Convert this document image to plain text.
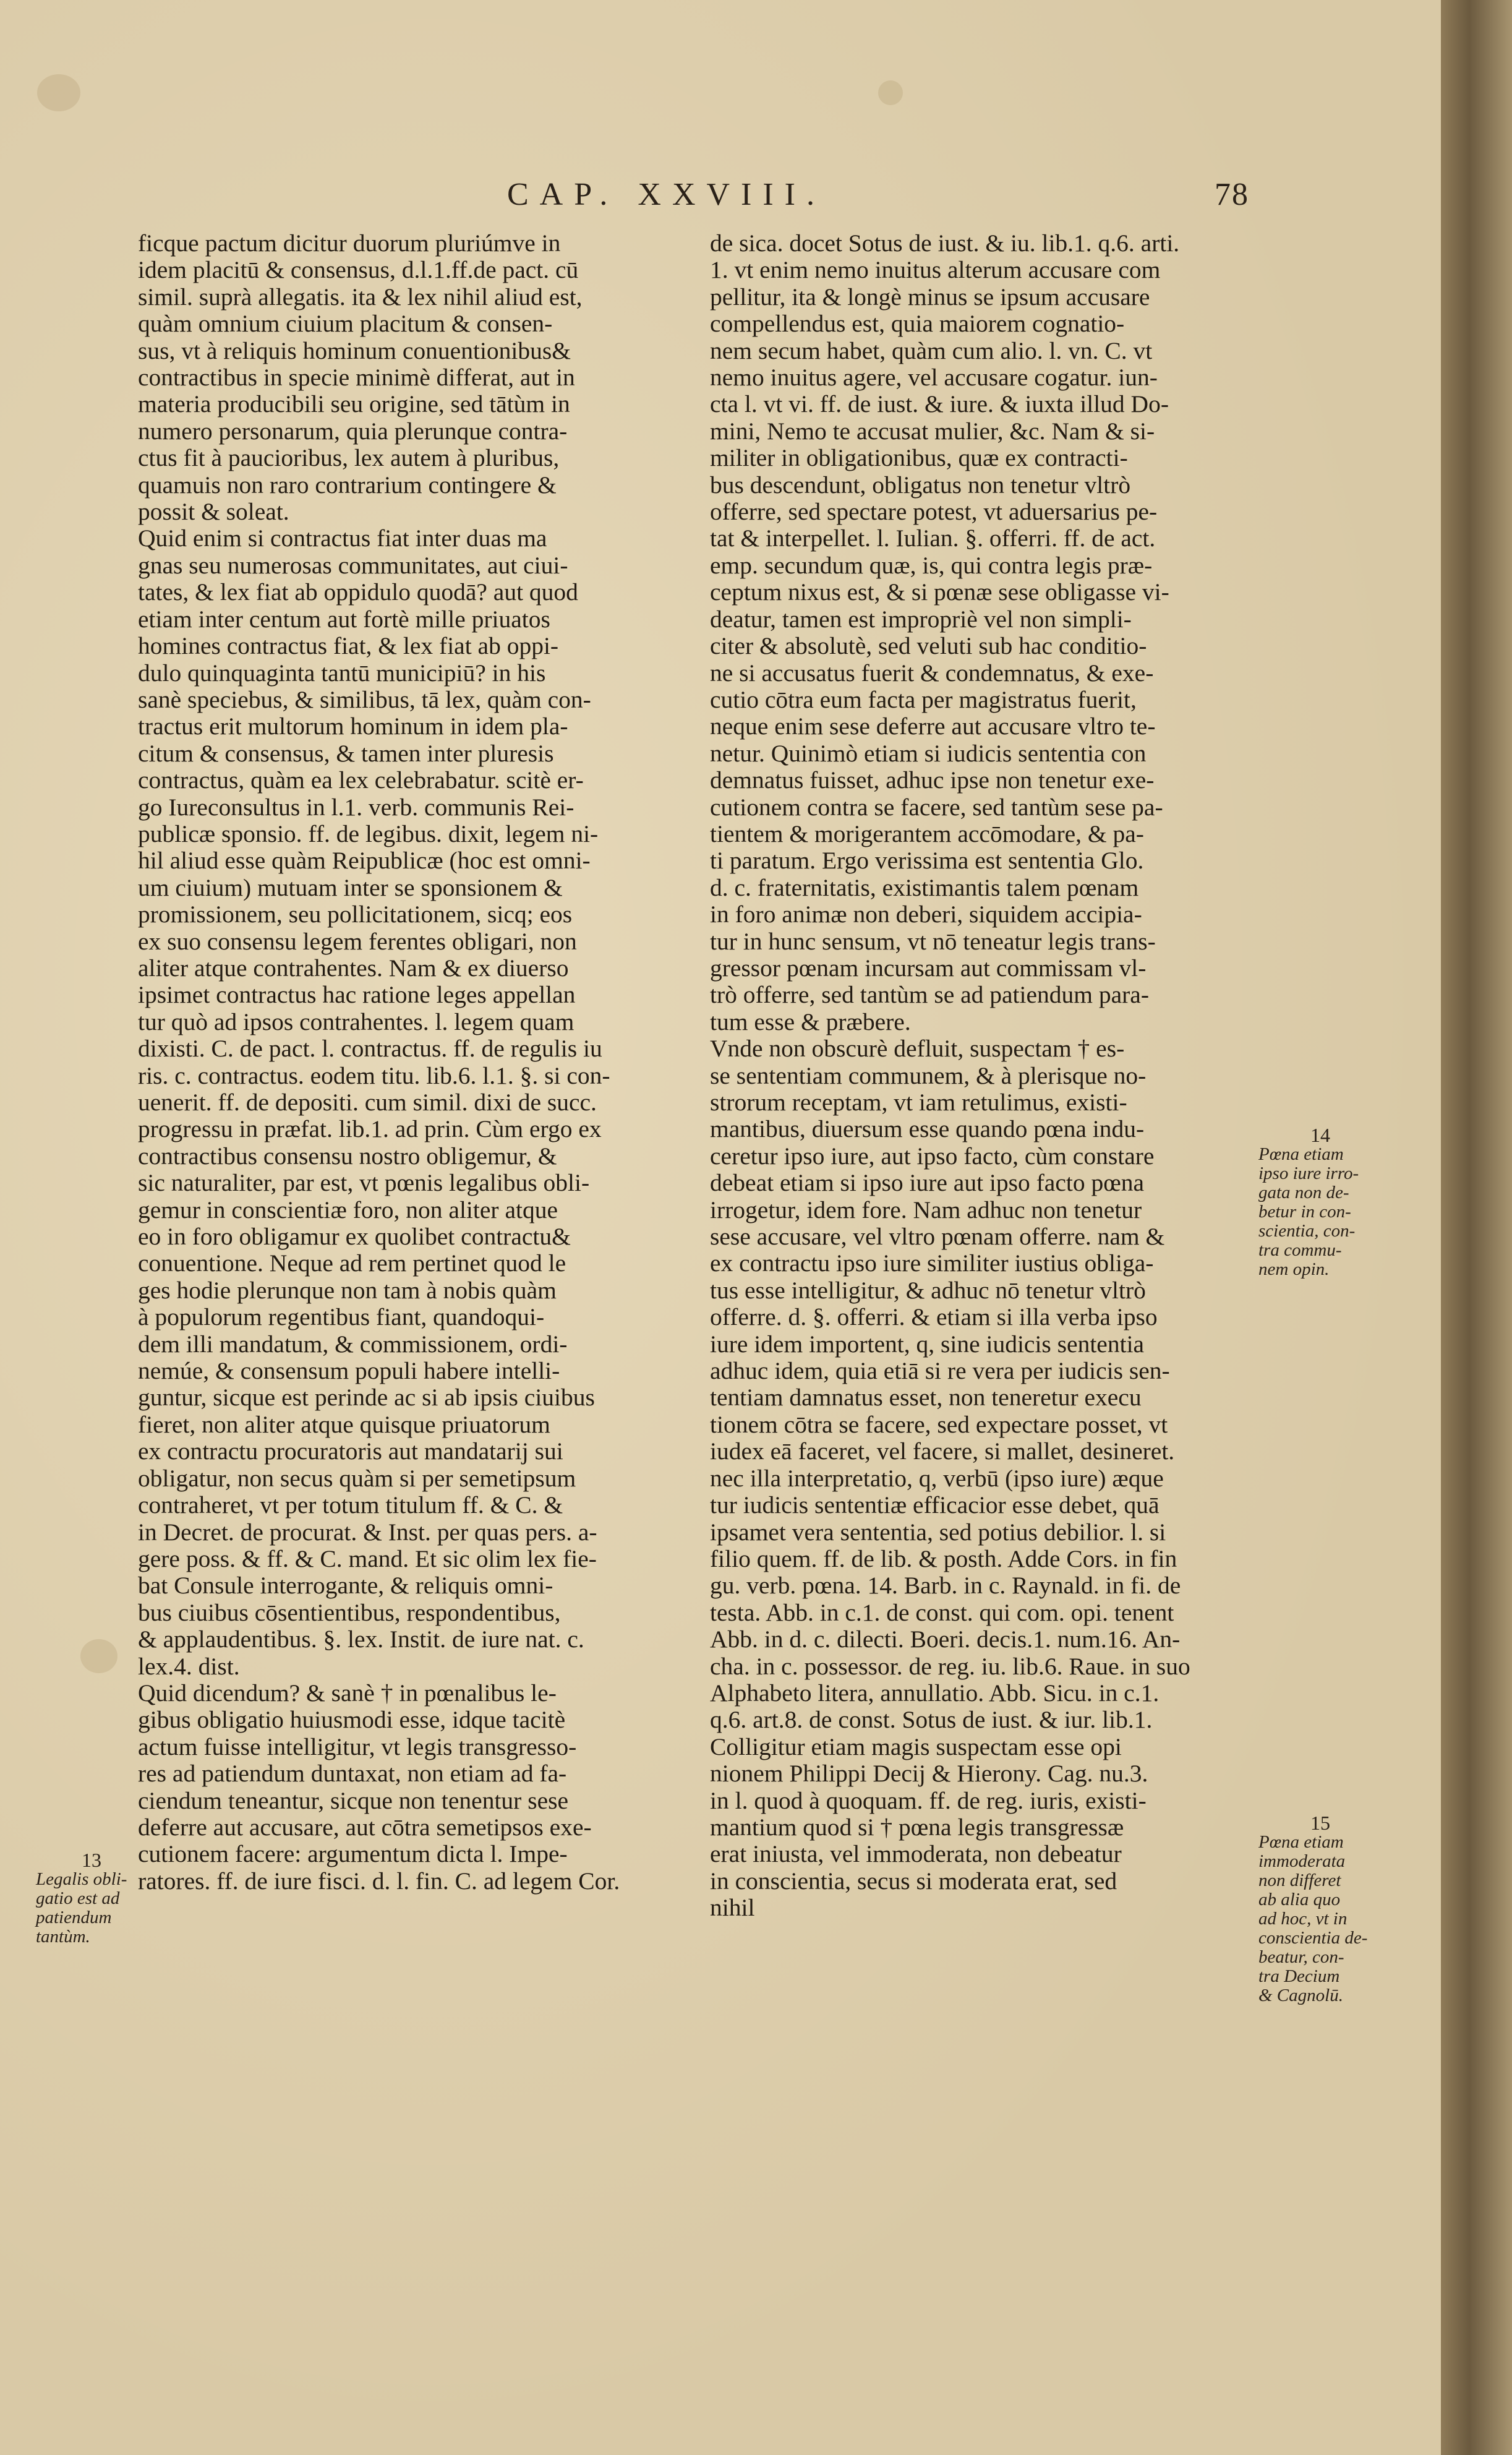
CAP. XXVIII.	78
ficque pactum dicitur duorum pluriúmve in
idem placitū & consensus, d.l.1.ff.de pact. cū
simil. suprà allegatis. ita & lex nihil aliud est,
quàm omnium ciuium placitum & consen-
sus, vt à reliquis hominum conuentionibus&
contractibus in specie minimè differat, aut in
materia producibili seu origine, sed tātùm in
numero personarum, quia plerunque contra-
ctus fit à paucioribus, lex autem à pluribus,
quamuis non raro contrarium contingere &
possit & soleat.
Quid enim si contractus fiat inter duas ma
gnas seu numerosas communitates, aut ciui-
tates, & lex fiat ab oppidulo quodā? aut quod
etiam inter centum aut fortè mille priuatos
homines contractus fiat, & lex fiat ab oppi-
dulo quinquaginta tantū municipiū? in his
sanè speciebus, & similibus, tā lex, quàm con-
tractus erit multorum hominum in idem pla-
citum & consensus, & tamen inter pluresis
contractus, quàm ea lex celebrabatur. scitè er-
go Iureconsultus in l.1. verb. communis Rei-
publicæ sponsio. ff. de legibus. dixit, legem ni-
hil aliud esse quàm Reipublicæ (hoc est omni-
um ciuium) mutuam inter se sponsionem &
promissionem, seu pollicitationem, sicq; eos
ex suo consensu legem ferentes obligari, non
aliter atque contrahentes. Nam & ex diuerso
ipsimet contractus hac ratione leges appellan
tur quò ad ipsos contrahentes. l. legem quam
dixisti. C. de pact. l. contractus. ff. de regulis iu
ris. c. contractus. eodem titu. lib.6. l.1. §. si con-
uenerit. ff. de depositi. cum simil. dixi de succ.
progressu in præfat. lib.1. ad prin. Cùm ergo ex
contractibus consensu nostro obligemur, &
sic naturaliter, par est, vt pœnis legalibus obli-
gemur in conscientiæ foro, non aliter atque
eo in foro obligamur ex quolibet contractu&
conuentione. Neque ad rem pertinet quod le
ges hodie plerunque non tam à nobis quàm
à populorum regentibus fiant, quandoqui-
dem illi mandatum, & commissionem, ordi-
nemúe, & consensum populi habere intelli-
guntur, sicque est perinde ac si ab ipsis ciuibus
fieret, non aliter atque quisque priuatorum
ex contractu procuratoris aut mandatarij sui
obligatur, non secus quàm si per semetipsum
contraheret, vt per totum titulum ff. & C. &
in Decret. de procurat. & Inst. per quas pers. a-
gere poss. & ff. & C. mand. Et sic olim lex fie-
bat Consule interrogante, & reliquis omni-
bus ciuibus cōsentientibus, respondentibus,
& applaudentibus. §. lex. Instit. de iure nat. c.
lex.4. dist.
Quid dicendum? & sanè † in pœnalibus le-
gibus obligatio huiusmodi esse, idque tacitè
actum fuisse intelligitur, vt legis transgresso-
res ad patiendum duntaxat, non etiam ad fa-
ciendum teneantur, sicque non tenentur sese
deferre aut accusare, aut cōtra semetipsos exe-
cutionem facere: argumentum dicta l. Impe-
ratores. ff. de iure fisci. d. l. fin. C. ad legem Cor.
de sica. docet Sotus de iust. & iu. lib.1. q.6. arti.
1. vt enim nemo inuitus alterum accusare com
pellitur, ita & longè minus se ipsum accusare
compellendus est, quia maiorem cognatio-
nem secum habet, quàm cum alio. l. vn. C. vt
nemo inuitus agere, vel accusare cogatur. iun-
cta l. vt vi. ff. de iust. & iure. & iuxta illud Do-
mini, Nemo te accusat mulier, &c. Nam & si-
militer in obligationibus, quæ ex contracti-
bus descendunt, obligatus non tenetur vltrò
offerre, sed spectare potest, vt aduersarius pe-
tat & interpellet. l. Iulian. §. offerri. ff. de act.
emp. secundum quæ, is, qui contra legis præ-
ceptum nixus est, & si pœnæ sese obligasse vi-
deatur, tamen est impropriè vel non simpli-
citer & absolutè, sed veluti sub hac conditio-
ne si accusatus fuerit & condemnatus, & exe-
cutio cōtra eum facta per magistratus fuerit,
neque enim sese deferre aut accusare vltro te-
netur. Quinimò etiam si iudicis sententia con
demnatus fuisset, adhuc ipse non tenetur exe-
cutionem contra se facere, sed tantùm sese pa-
tientem & morigerantem accōmodare, & pa-
ti paratum. Ergo verissima est sententia Glo.
d. c. fraternitatis, existimantis talem pœnam
in foro animæ non deberi, siquidem accipia-
tur in hunc sensum, vt nō teneatur legis trans-
gressor pœnam incursam aut commissam vl-
trò offerre, sed tantùm se ad patiendum para-
tum esse & præbere.
Vnde non obscurè defluit, suspectam † es-
se sententiam communem, & à plerisque no-
strorum receptam, vt iam retulimus, existi-
mantibus, diuersum esse quando pœna indu-
ceretur ipso iure, aut ipso facto, cùm constare
debeat etiam si ipso iure aut ipso facto pœna
irrogetur, idem fore. Nam adhuc non tenetur
sese accusare, vel vltro pœnam offerre. nam &
ex contractu ipso iure similiter iustius obliga-
tus esse intelligitur, & adhuc nō tenetur vltrò
offerre. d. §. offerri. & etiam si illa verba ipso
iure idem importent, q, sine iudicis sententia
adhuc idem, quia etiā si re vera per iudicis sen-
tentiam damnatus esset, non teneretur execu
tionem cōtra se facere, sed expectare posset, vt
iudex eā faceret, vel facere, si mallet, desineret.
nec illa interpretatio, q, verbū (ipso iure) æque
tur iudicis sententiæ efficacior esse debet, quā
ipsamet vera sententia, sed potius debilior. l. si
filio quem. ff. de lib. & posth. Adde Cors. in fin
gu. verb. pœna. 14. Barb. in c. Raynald. in fi. de
testa. Abb. in c.1. de const. qui com. opi. tenent
Abb. in d. c. dilecti. Boeri. decis.1. num.16. An-
cha. in c. possessor. de reg. iu. lib.6. Raue. in suo
Alphabeto litera, annullatio. Abb. Sicu. in c.1.
q.6. art.8. de const. Sotus de iust. & iur. lib.1.
Colligitur etiam magis suspectam esse opi
nionem Philippi Decij & Hierony. Cag. nu.3.
in l. quod à quoquam. ff. de reg. iuris, existi-
mantium quod si † pœna legis transgressæ
erat iniusta, vel immoderata, non debeatur
in conscientia, secus si moderata erat, sed
nihil
13
Legalis obli-
gatio est ad
patiendum
tantùm.
14
Pœna etiam
ipso iure irro-
gata non de-
betur in con-
scientia, con-
tra commu-
nem opin.
15
Pœna etiam
immoderata
non differet
ab alia quo
ad hoc, vt in
conscientia de-
beatur, con-
tra Decium
& Cagnolū.
